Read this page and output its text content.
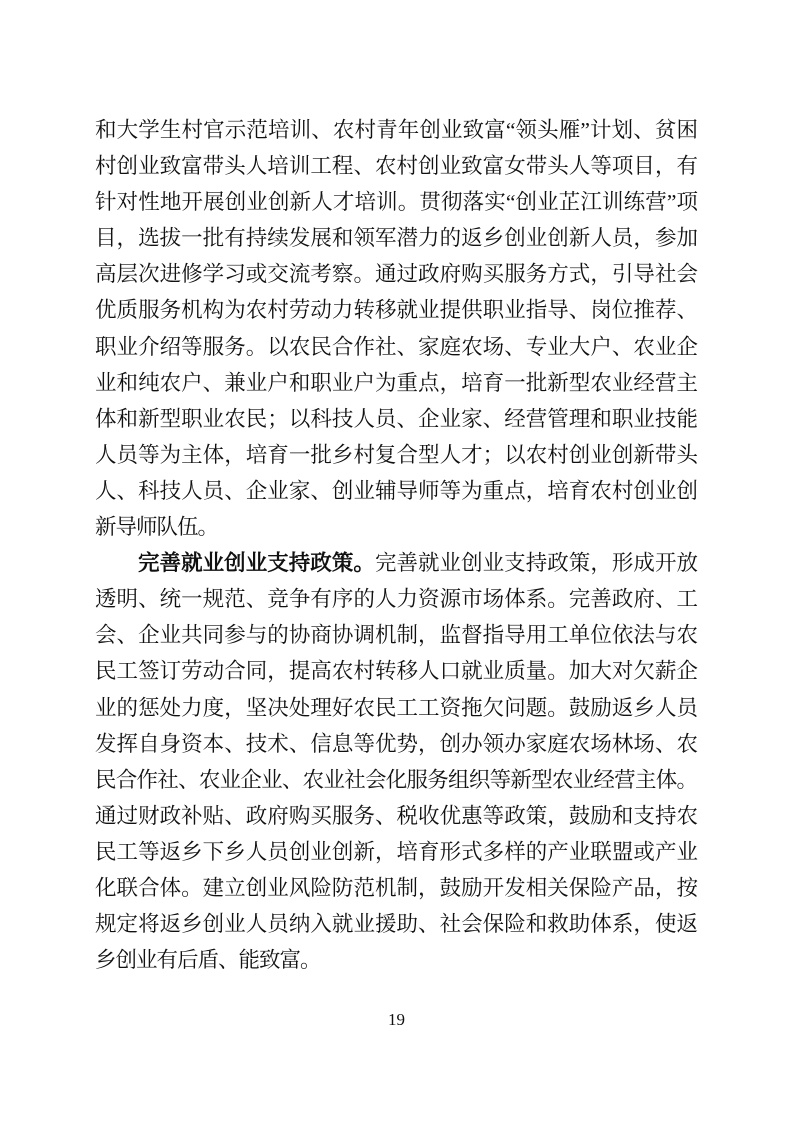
和大学生村官示范培训、农村青年创业致富“领头雁”计划、贫困
村创业致富带头人培训工程、农村创业致富女带头人等项目，有
针对性地开展创业创新人才培训。贯彻落实“创业芷江训练营”项
目，选拔一批有持续发展和领军潜力的返乡创业创新人员，参加
高层次进修学习或交流考察。通过政府购买服务方式，引导社会
优质服务机构为农村劳动力转移就业提供职业指导、岗位推荐、
职业介绍等服务。以农民合作社、家庭农场、专业大户、农业企
业和纯农户、兼业户和职业户为重点，培育一批新型农业经营主
体和新型职业农民；以科技人员、企业家、经营管理和职业技能
人员等为主体，培育一批乡村复合型人才；以农村创业创新带头
人、科技人员、企业家、创业辅导师等为重点，培育农村创业创
新导师队伍。
完善就业创业支持政策。完善就业创业支持政策，形成开放
透明、统一规范、竞争有序的人力资源市场体系。完善政府、工
会、企业共同参与的协商协调机制，监督指导用工单位依法与农
民工签订劳动合同，提高农村转移人口就业质量。加大对欠薪企
业的惩处力度，坚决处理好农民工工资拖欠问题。鼓励返乡人员
发挥自身资本、技术、信息等优势，创办领办家庭农场林场、农
民合作社、农业企业、农业社会化服务组织等新型农业经营主体。
通过财政补贴、政府购买服务、税收优惠等政策，鼓励和支持农
民工等返乡下乡人员创业创新，培育形式多样的产业联盟或产业
化联合体。建立创业风险防范机制，鼓励开发相关保险产品，按
规定将返乡创业人员纳入就业援助、社会保险和救助体系，使返
乡创业有后盾、能致富。
19
